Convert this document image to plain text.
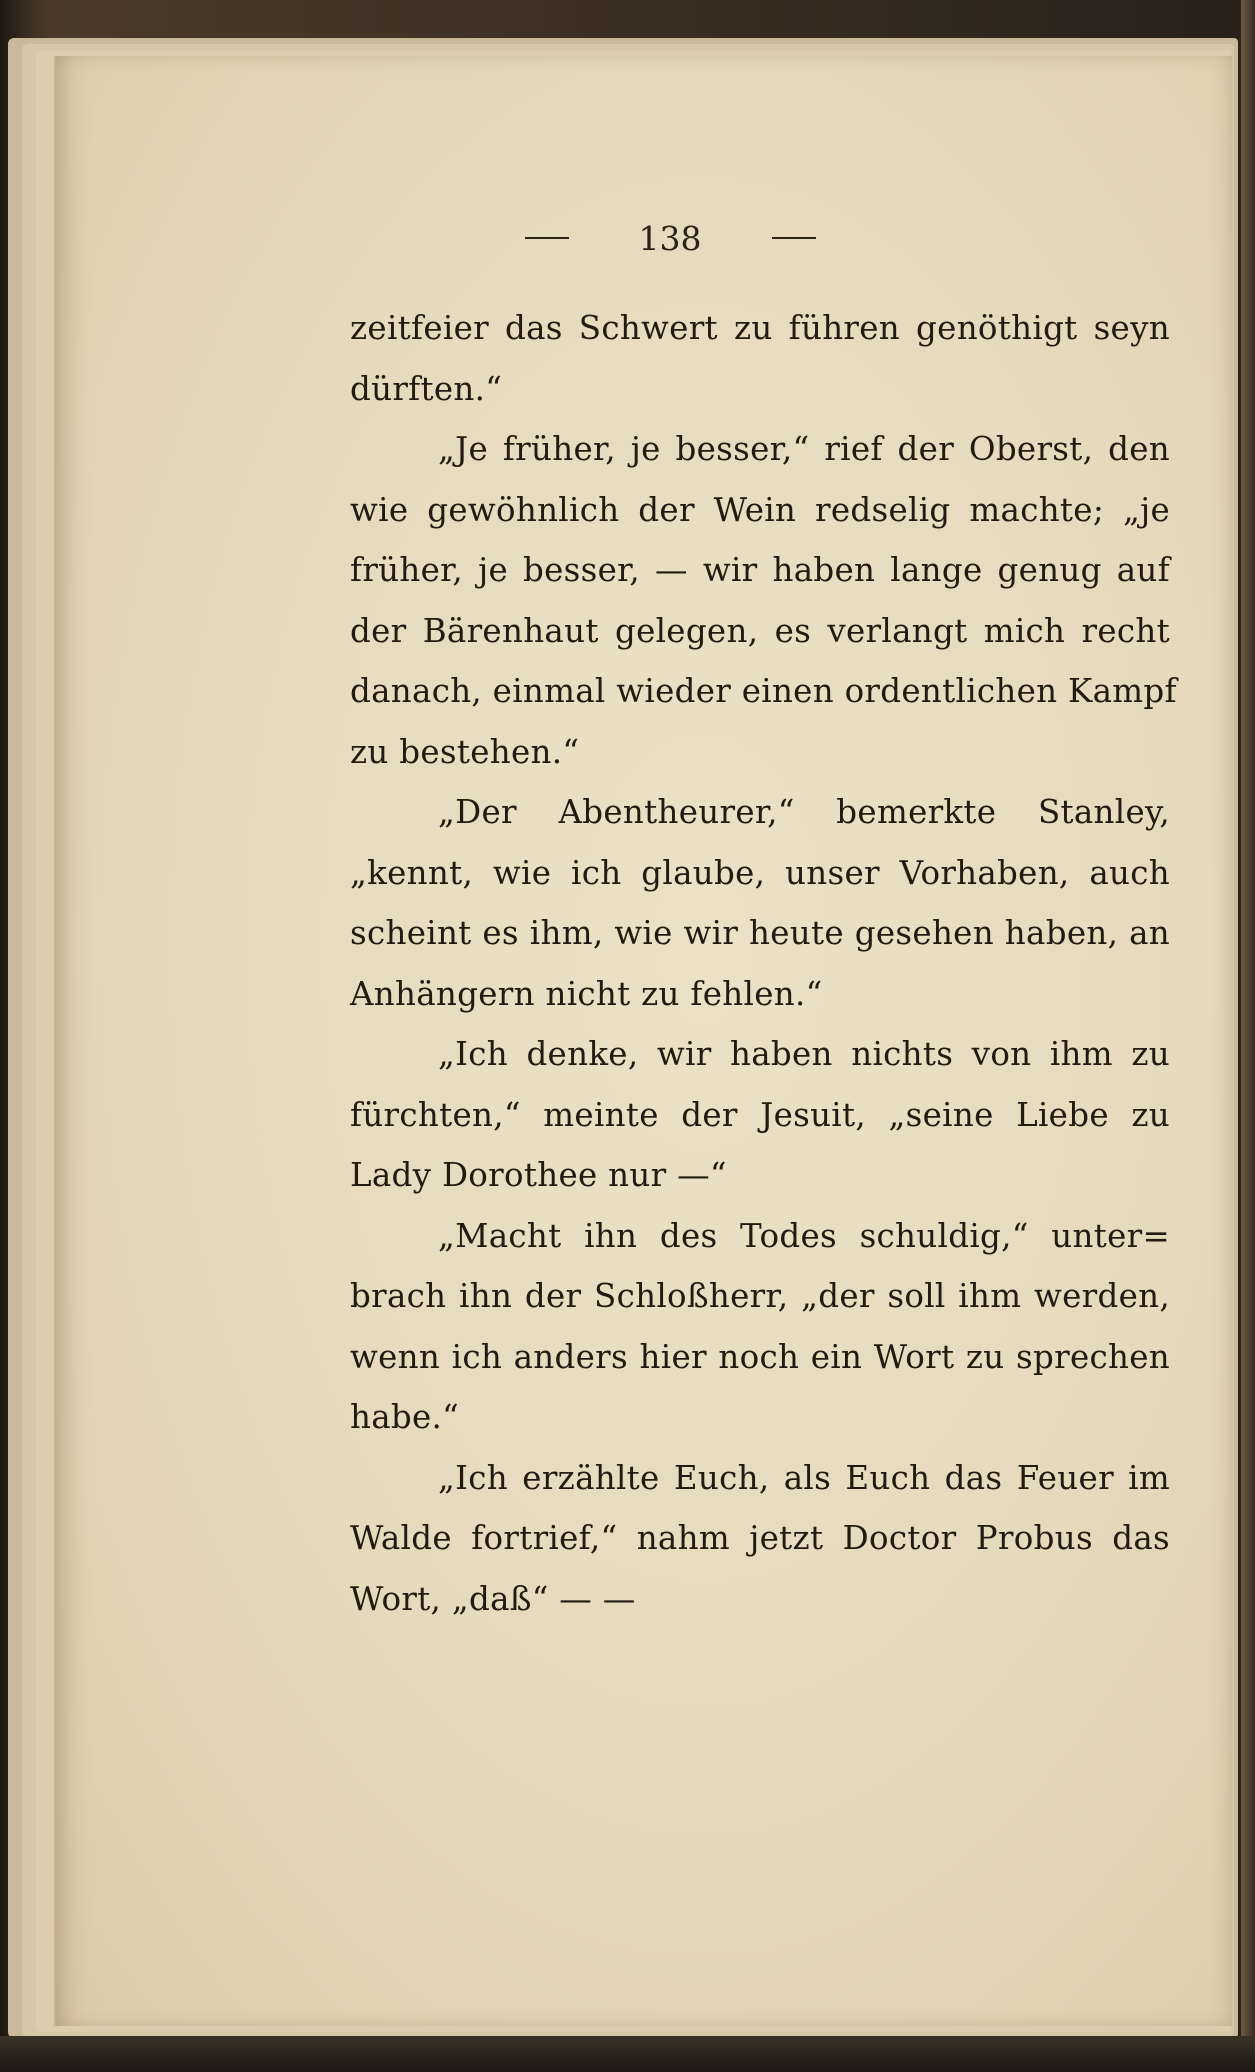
138
zeitfeier das Schwert zu führen genöthigt seyn
dürften.“
„Je früher, je besser,“ rief der Oberst, den
wie gewöhnlich der Wein redselig machte; „je
früher, je besser, — wir haben lange genug auf
der Bärenhaut gelegen, es verlangt mich recht
danach, einmal wieder einen ordentlichen Kampf
zu bestehen.“
„Der Abentheurer,“ bemerkte Stanley,
„kennt, wie ich glaube, unser Vorhaben, auch
scheint es ihm, wie wir heute gesehen haben, an
Anhängern nicht zu fehlen.“
„Ich denke, wir haben nichts von ihm zu
fürchten,“ meinte der Jesuit, „seine Liebe zu
Lady Dorothee nur —“
„Macht ihn des Todes schuldig,“ unter=
brach ihn der Schloßherr, „der soll ihm werden,
wenn ich anders hier noch ein Wort zu sprechen
habe.“
„Ich erzählte Euch, als Euch das Feuer im
Walde fortrief,“ nahm jetzt Doctor Probus das
Wort, „daß“ — —
